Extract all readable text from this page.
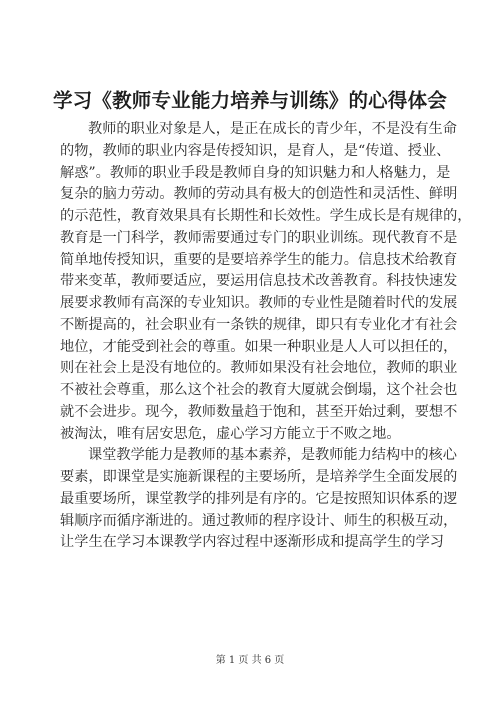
学习《教师专业能力培养与训练》的心得体会
教师的职业对象是人，是正在成长的青少年，不是没有生命
的物，教师的职业内容是传授知识，是育人，是“传道、授业、
解惑”。教师的职业手段是教师自身的知识魅力和人格魅力，是
复杂的脑力劳动。教师的劳动具有极大的创造性和灵活性、鲜明
的示范性，教育效果具有长期性和长效性。学生成长是有规律的，
教育是一门科学，教师需要通过专门的职业训练。现代教育不是
简单地传授知识，重要的是要培养学生的能力。信息技术给教育
带来变革，教师要适应，要运用信息技术改善教育。科技快速发
展要求教师有高深的专业知识。教师的专业性是随着时代的发展
不断提高的，社会职业有一条铁的规律，即只有专业化才有社会
地位，才能受到社会的尊重。如果一种职业是人人可以担任的，
则在社会上是没有地位的。教师如果没有社会地位，教师的职业
不被社会尊重，那么这个社会的教育大厦就会倒塌，这个社会也
就不会进步。现今，教师数量趋于饱和，甚至开始过剩，要想不
被淘汰，唯有居安思危，虚心学习方能立于不败之地。
课堂教学能力是教师的基本素养，是教师能力结构中的核心
要素，即课堂是实施新课程的主要场所，是培养学生全面发展的
最重要场所，课堂教学的排列是有序的。它是按照知识体系的逻
辑顺序而循序渐进的。通过教师的程序设计、师生的积极互动，
让学生在学习本课教学内容过程中逐渐形成和提高学生的学习
第 1 页 共 6 页
